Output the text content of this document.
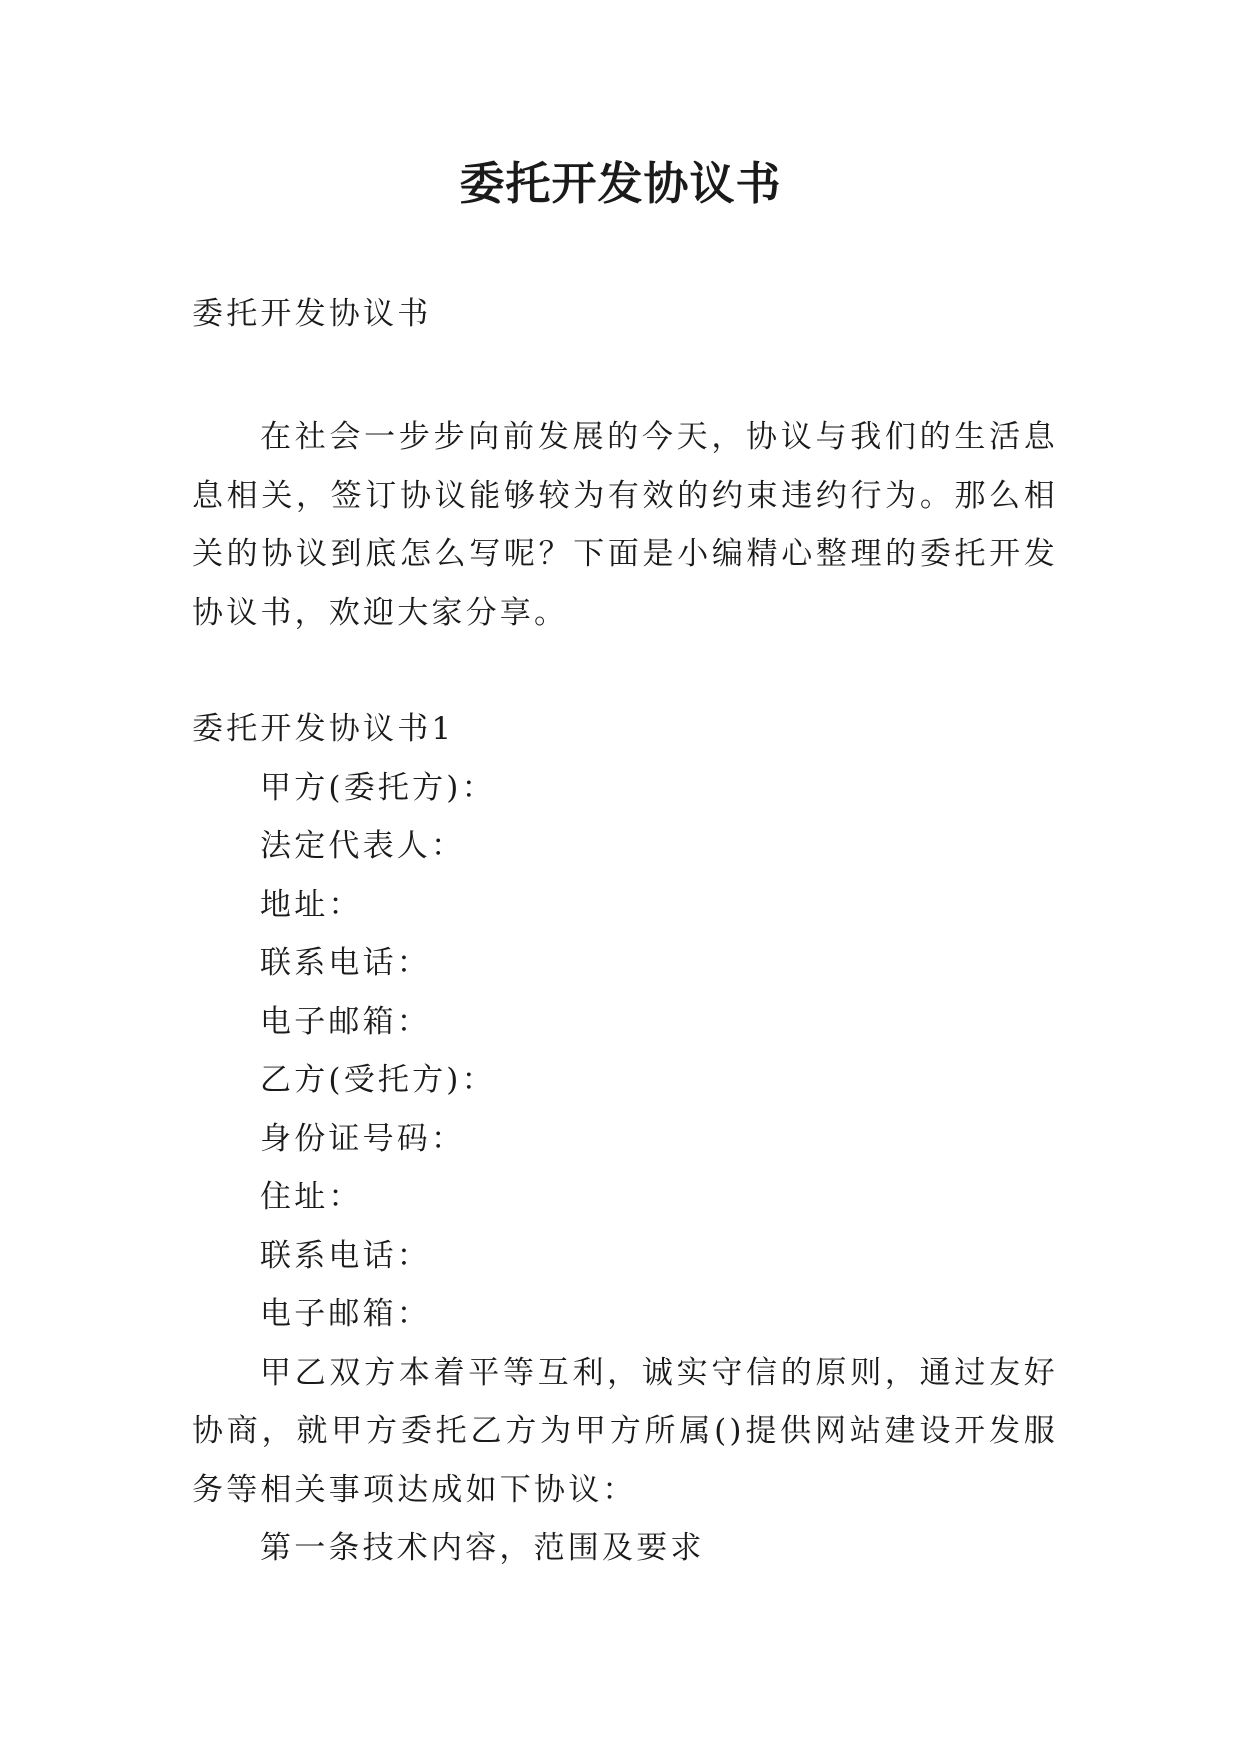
委托开发协议书

委托开发协议书

在社会一步步向前发展的今天，协议与我们的生活息息相关，签订协议能够较为有效的约束违约行为。那么相关的协议到底怎么写呢？下面是小编精心整理的委托开发协议书，欢迎大家分享。

委托开发协议书1
甲方(委托方)：
法定代表人：
地址：
联系电话：
电子邮箱：
乙方(受托方)：
身份证号码：
住址：
联系电话：
电子邮箱：
甲乙双方本着平等互利，诚实守信的原则，通过友好协商，就甲方委托乙方为甲方所属()提供网站建设开发服务等相关事项达成如下协议：
第一条技术内容，范围及要求
